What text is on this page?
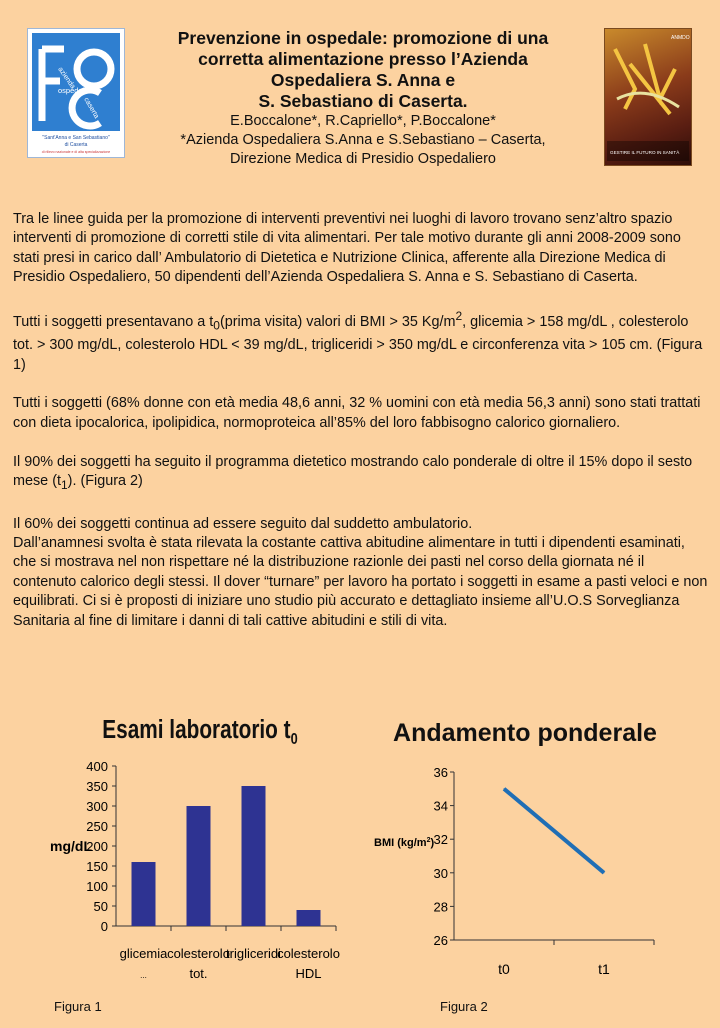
azienda
ospedaliera
caserta
"Sant'Anna e San Sebastiano"
di Caserta
di rilievo nazionale e di alta specializzazione
Prevenzione in ospedale: promozione di una
corretta alimentazione presso l’Azienda
Ospedaliera S. Anna e
S. Sebastiano di Caserta.

E.Boccalone*, R.Capriello*, P.Boccalone*

*Azienda Ospedaliera S.Anna e S.Sebastiano – Caserta,
Direzione Medica di Presidio Ospedaliero

ANMDO
GESTIRE IL FUTURO IN SANITÀ

Tra le linee guida per la promozione di interventi preventivi nei luoghi di lavoro trovano senz’altro spazio interventi di promozione di corretti stile di vita alimentari. Per tale motivo durante gli anni 2008-2009 sono stati presi in carico dall’ Ambulatorio di Dietetica e Nutrizione Clinica, afferente alla Direzione Medica di Presidio Ospedaliero, 50 dipendenti dell’Azienda Ospedaliera S. Anna e S. Sebastiano di Caserta.

Tutti i soggetti presentavano a $t_0(prima$ visita) valori di BMI > 35 $Kg/m^2$, glicemia > 158 mg/dL , colesterolo tot. > 300 mg/dL, colesterolo HDL < 39 mg/dL, trigliceridi > 350 mg/dL e circonferenza vita > 105 cm. (Figura 1)

Tutti i soggetti (68% donne con età media 48,6 anni, 32 % uomini con età media 56,3 anni) sono stati trattati con dieta ipocalorica, ipolipidica, normoproteica all’85% del loro fabbisogno calorico giornaliero.

Il 90% dei soggetti ha seguito il programma dietetico mostrando calo ponderale di oltre il 15% dopo il sesto mese $(t_1)$. (Figura 2)

Il 60% dei soggetti continua ad essere seguito dal suddetto ambulatorio.

Dall’anamnesi svolta è stata rilevata la costante cattiva abitudine alimentare in tutti i dipendenti esaminati, che si mostrava nel non rispettare né la distribuzione razionle dei pasti nel corso della giornata né il contenuto calorico degli stessi. Il dover “turnare” per lavoro ha portato i soggetti in esame a pasti veloci e non equilibrati. Ci si è proposti di iniziare uno studio più accurato e dettagliato insieme all’U.O.S Sorveglianza Sanitaria al fine di limitare i danni di tali cattive abitudini e stili di vita.

Esami laboratorio $t_0$
0
50
100
150
200
250
300
350
400
mg/dL
glicemia
...
colesterolo
tot.
trigliceridi
colesterolo
HDL
Andamento ponderale
26
28
30
32
34
36
BMI $(kg/m^2)$
t0	t1
Figura 1	Figura 2
